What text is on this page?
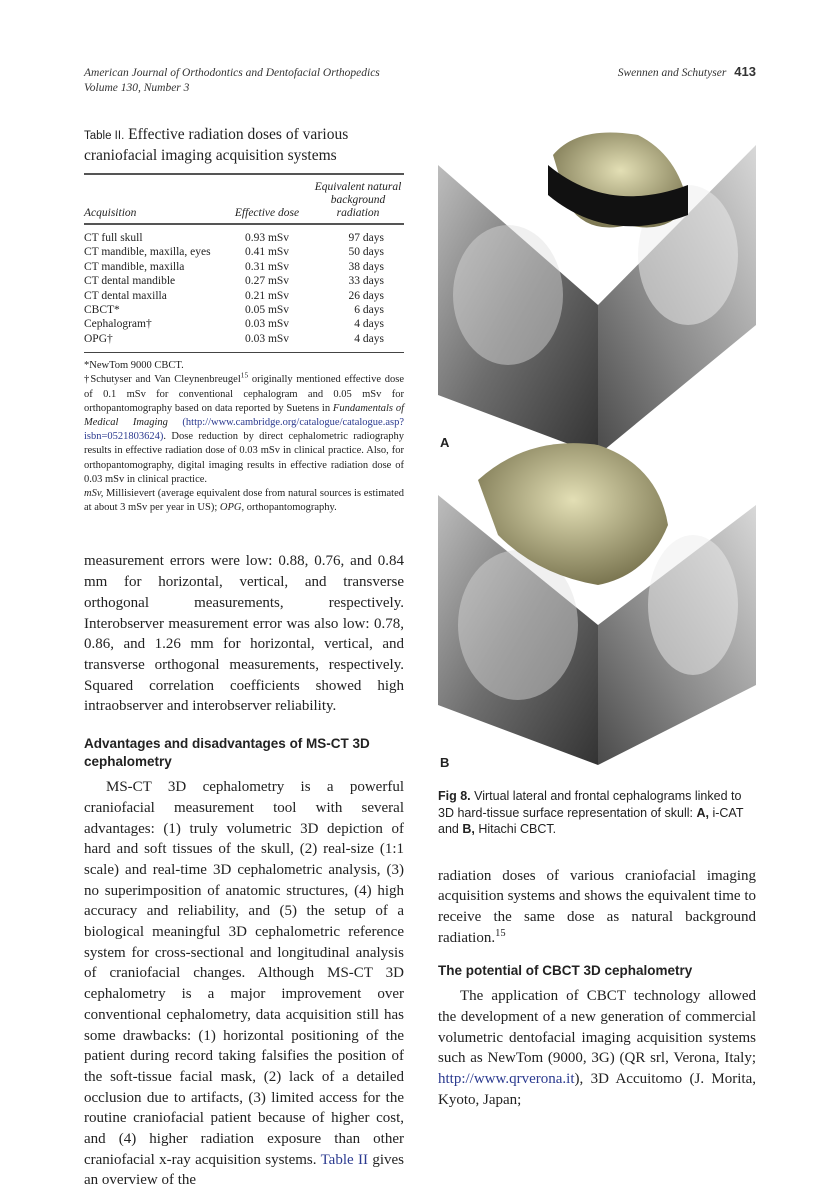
American Journal of Orthodontics and Dentofacial Orthopedics
Volume 130, Number 3
Swennen and Schutyser 413
Table II. Effective radiation doses of various craniofacial imaging acquisition systems
Acquisition	Effective dose	Equivalent natural background radiation
CT full skull	0.93 mSv	97 days
CT mandible, maxilla, eyes	0.41 mSv	50 days
CT mandible, maxilla	0.31 mSv	38 days
CT dental mandible	0.27 mSv	33 days
CT dental maxilla	0.21 mSv	26 days
CBCT*	0.05 mSv	6 days
Cephalogram†	0.03 mSv	4 days
OPG†	0.03 mSv	4 days
*NewTom 9000 CBCT.
†Schutyser and Van Cleynenbreugel$^{15}$ originally mentioned effective dose of 0.1 mSv for conventional cephalogram and 0.05 mSv for orthopantomography based on data reported by Suetens in Fundamentals of Medical Imaging (http://www.cambridge.org/catalogue/catalogue.asp?isbn=0521803624). Dose reduction by direct cephalometric radiography results in effective radiation dose of 0.03 mSv in clinical practice. Also, for orthopantomography, digital imaging results in effective radiation dose of 0.03 mSv in clinical practice.
mSv, Millisievert (average equivalent dose from natural sources is estimated at about 3 mSv per year in US); OPG, orthopantomography.
measurement errors were low: 0.88, 0.76, and 0.84 mm for horizontal, vertical, and transverse orthogonal measurements, respectively. Interobserver measurement error was also low: 0.78, 0.86, and 1.26 mm for horizontal, vertical, and transverse orthogonal measurements, respectively. Squared correlation coefficients showed high intraobserver and interobserver reliability.
Advantages and disadvantages of MS-CT 3D cephalometry
MS-CT 3D cephalometry is a powerful craniofacial measurement tool with several advantages: (1) truly volumetric 3D depiction of hard and soft tissues of the skull, (2) real-size (1:1 scale) and real-time 3D cephalometric analysis, (3) no superimposition of anatomic structures, (4) high accuracy and reliability, and (5) the setup of a biological meaningful 3D cephalometric reference system for cross-sectional and longitudinal analysis of craniofacial changes. Although MS-CT 3D cephalometry is a major improvement over conventional cephalometry, data acquisition still has some drawbacks: (1) horizontal positioning of the patient during record taking falsifies the position of the soft-tissue facial mask, (2) lack of a detailed occlusion due to artifacts, (3) limited access for the routine craniofacial patient because of higher cost, and (4) higher radiation exposure than other craniofacial x-ray acquisition systems. Table II gives an overview of the
A
B
Fig 8. Virtual lateral and frontal cephalograms linked to 3D hard-tissue surface representation of skull: A, i-CAT and B, Hitachi CBCT.
radiation doses of various craniofacial imaging acquisition systems and shows the equivalent time to receive the same dose as natural background radiation.$^{15}$
The potential of CBCT 3D cephalometry
The application of CBCT technology allowed the development of a new generation of commercial volumetric dentofacial imaging acquisition systems such as NewTom (9000, 3G) (QR srl, Verona, Italy; http://www.qrverona.it), 3D Accuitomo (J. Morita, Kyoto, Japan;
